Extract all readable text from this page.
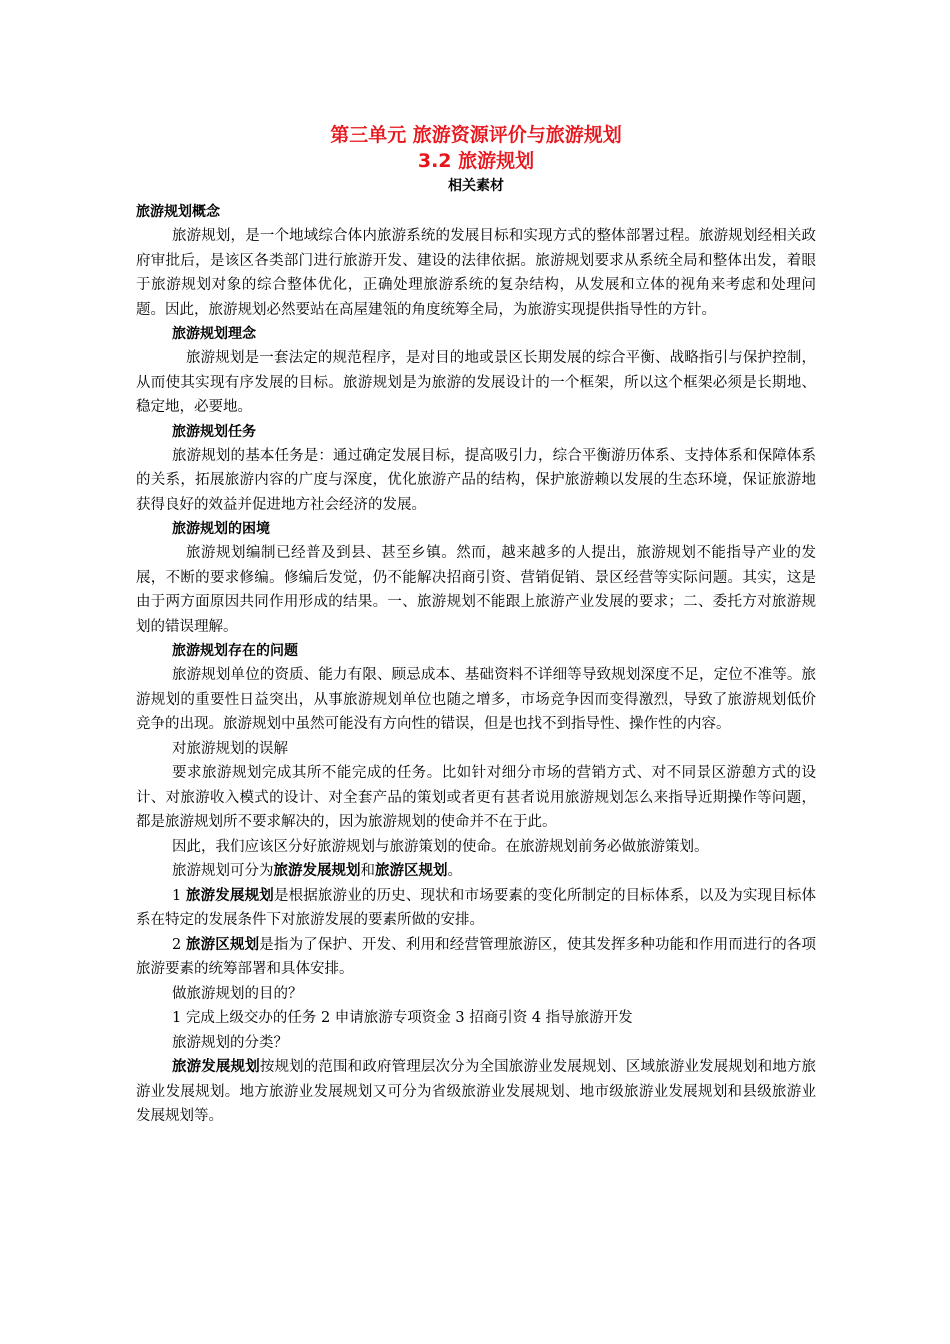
第三单元 旅游资源评价与旅游规划
3.2 旅游规划
相关素材
旅游规划概念

旅游规划，是一个地域综合体内旅游系统的发展目标和实现方式的整体部署过程。旅游规划经相关政府审批后，是该区各类部门进行旅游开发、建设的法律依据。旅游规划要求从系统全局和整体出发，着眼于旅游规划对象的综合整体优化，正确处理旅游系统的复杂结构，从发展和立体的视角来考虑和处理问题。因此，旅游规划必然要站在高屋建瓴的角度统筹全局，为旅游实现提供指导性的方针。

旅游规划理念

旅游规划是一套法定的规范程序，是对目的地或景区长期发展的综合平衡、战略指引与保护控制，从而使其实现有序发展的目标。旅游规划是为旅游的发展设计的一个框架，所以这个框架必须是长期地、稳定地，必要地。

旅游规划任务

旅游规划的基本任务是：通过确定发展目标，提高吸引力，综合平衡游历体系、支持体系和保障体系的关系，拓展旅游内容的广度与深度，优化旅游产品的结构，保护旅游赖以发展的生态环境，保证旅游地获得良好的效益并促进地方社会经济的发展。

旅游规划的困境

旅游规划编制已经普及到县、甚至乡镇。然而，越来越多的人提出，旅游规划不能指导产业的发展，不断的要求修编。修编后发觉，仍不能解决招商引资、营销促销、景区经营等实际问题。其实，这是由于两方面原因共同作用形成的结果。一、旅游规划不能跟上旅游产业发展的要求；二、委托方对旅游规划的错误理解。

旅游规划存在的问题

旅游规划单位的资质、能力有限、顾忌成本、基础资料不详细等导致规划深度不足，定位不准等。旅游规划的重要性日益突出，从事旅游规划单位也随之增多，市场竞争因而变得激烈，导致了旅游规划低价竞争的出现。旅游规划中虽然可能没有方向性的错误，但是也找不到指导性、操作性的内容。

对旅游规划的误解

要求旅游规划完成其所不能完成的任务。比如针对细分市场的营销方式、对不同景区游憩方式的设计、对旅游收入模式的设计、对全套产品的策划或者更有甚者说用旅游规划怎么来指导近期操作等问题，都是旅游规划所不要求解决的，因为旅游规划的使命并不在于此。

因此，我们应该区分好旅游规划与旅游策划的使命。在旅游规划前务必做旅游策划。

旅游规划可分为旅游发展规划和旅游区规划。

1 旅游发展规划是根据旅游业的历史、现状和市场要素的变化所制定的目标体系，以及为实现目标体系在特定的发展条件下对旅游发展的要素所做的安排。

2 旅游区规划是指为了保护、开发、利用和经营管理旅游区，使其发挥多种功能和作用而进行的各项旅游要素的统筹部署和具体安排。

做旅游规划的目的？

1 完成上级交办的任务 2 申请旅游专项资金 3 招商引资 4 指导旅游开发

旅游规划的分类？

旅游发展规划按规划的范围和政府管理层次分为全国旅游业发展规划、区域旅游业发展规划和地方旅游业发展规划。地方旅游业发展规划又可分为省级旅游业发展规划、地市级旅游业发展规划和县级旅游业发展规划等。
